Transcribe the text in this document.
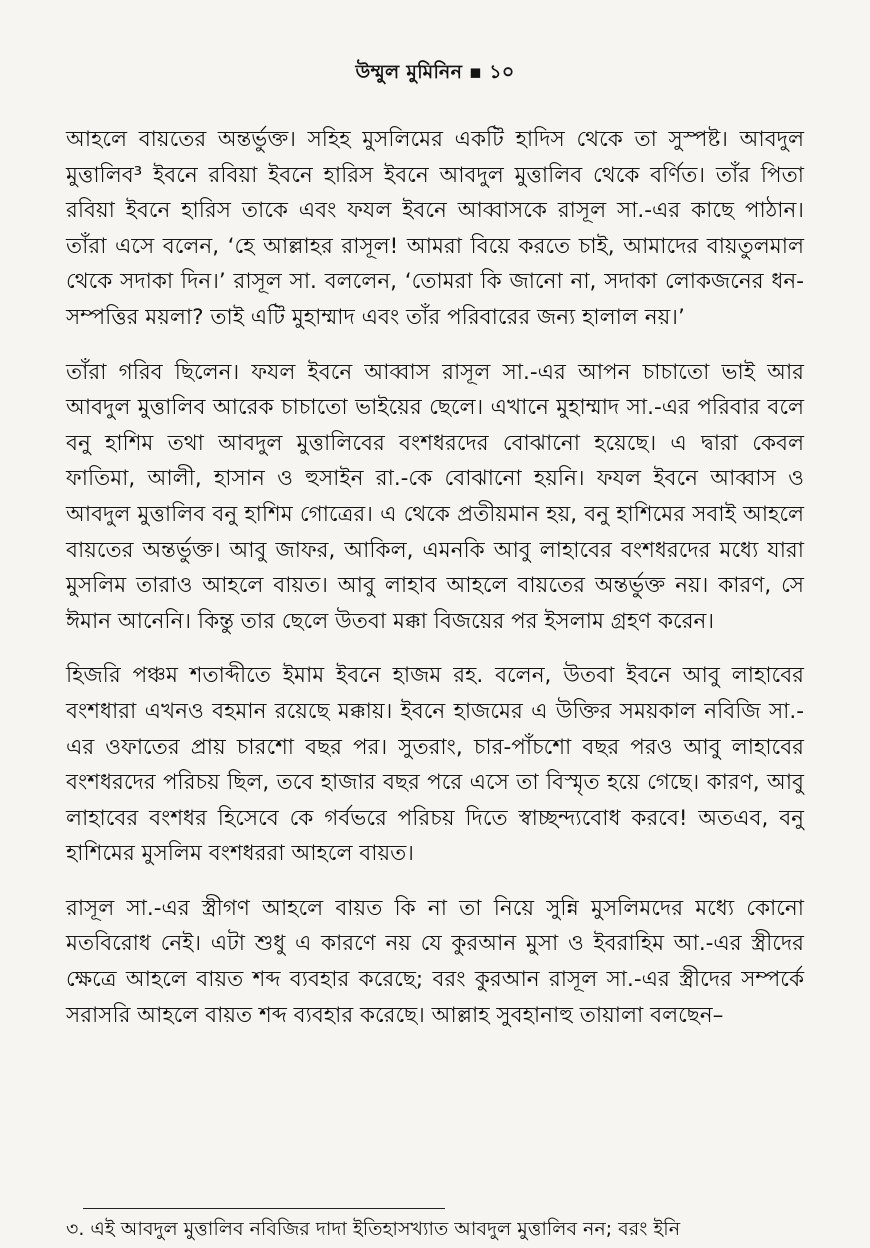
উম্মুল মুমিনিন ▪ ১০

আহলে বায়তের অন্তর্ভুক্ত। সহিহ মুসলিমের একটি হাদিস থেকে তা সুস্পষ্ট। আবদুল মুত্তালিব³ ইবনে রবিয়া ইবনে হারিস ইবনে আবদুল মুত্তালিব থেকে বর্ণিত। তাঁর পিতা রবিয়া ইবনে হারিস তাকে এবং ফযল ইবনে আব্বাসকে রাসূল সা.-এর কাছে পাঠান। তাঁরা এসে বলেন, ‘হে আল্লাহর রাসূল! আমরা বিয়ে করতে চাই, আমাদের বায়তুলমাল থেকে সদাকা দিন।’ রাসূল সা. বললেন, ‘তোমরা কি জানো না, সদাকা লোকজনের ধন-সম্পত্তির ময়লা? তাই এটি মুহাম্মাদ এবং তাঁর পরিবারের জন্য হালাল নয়।’

তাঁরা গরিব ছিলেন। ফযল ইবনে আব্বাস রাসূল সা.-এর আপন চাচাতো ভাই আর আবদুল মুত্তালিব আরেক চাচাতো ভাইয়ের ছেলে। এখানে মুহাম্মাদ সা.-এর পরিবার বলে বনু হাশিম তথা আবদুল মুত্তালিবের বংশধরদের বোঝানো হয়েছে। এ দ্বারা কেবল ফাতিমা, আলী, হাসান ও হুসাইন রা.-কে বোঝানো হয়নি। ফযল ইবনে আব্বাস ও আবদুল মুত্তালিব বনু হাশিম গোত্রের। এ থেকে প্রতীয়মান হয়, বনু হাশিমের সবাই আহলে বায়তের অন্তর্ভুক্ত। আবু জাফর, আকিল, এমনকি আবু লাহাবের বংশধরদের মধ্যে যারা মুসলিম তারাও আহলে বায়ত। আবু লাহাব আহলে বায়তের অন্তর্ভুক্ত নয়। কারণ, সে ঈমান আনেনি। কিন্তু তার ছেলে উতবা মক্কা বিজয়ের পর ইসলাম গ্রহণ করেন।

হিজরি পঞ্চম শতাব্দীতে ইমাম ইবনে হাজম রহ. বলেন, উতবা ইবনে আবু লাহাবের বংশধারা এখনও বহমান রয়েছে মক্কায়। ইবনে হাজমের এ উক্তির সময়কাল নবিজি সা.-এর ওফাতের প্রায় চারশো বছর পর। সুতরাং, চার-পাঁচশো বছর পরও আবু লাহাবের বংশধরদের পরিচয় ছিল, তবে হাজার বছর পরে এসে তা বিস্মৃত হয়ে গেছে। কারণ, আবু লাহাবের বংশধর হিসেবে কে গর্বভরে পরিচয় দিতে স্বাচ্ছন্দ্যবোধ করবে! অতএব, বনু হাশিমের মুসলিম বংশধররা আহলে বায়ত।

রাসূল সা.-এর স্ত্রীগণ আহলে বায়ত কি না তা নিয়ে সুন্নি মুসলিমদের মধ্যে কোনো মতবিরোধ নেই। এটা শুধু এ কারণে নয় যে কুরআন মুসা ও ইবরাহিম আ.-এর স্ত্রীদের ক্ষেত্রে আহলে বায়ত শব্দ ব্যবহার করেছে; বরং কুরআন রাসূল সা.-এর স্ত্রীদের সম্পর্কে সরাসরি আহলে বায়ত শব্দ ব্যবহার করেছে। আল্লাহ সুবহানাহু তায়ালা বলছেন–

৩. এই আবদুল মুত্তালিব নবিজির দাদা ইতিহাসখ্যাত আবদুল মুত্তালিব নন; বরং ইনি
